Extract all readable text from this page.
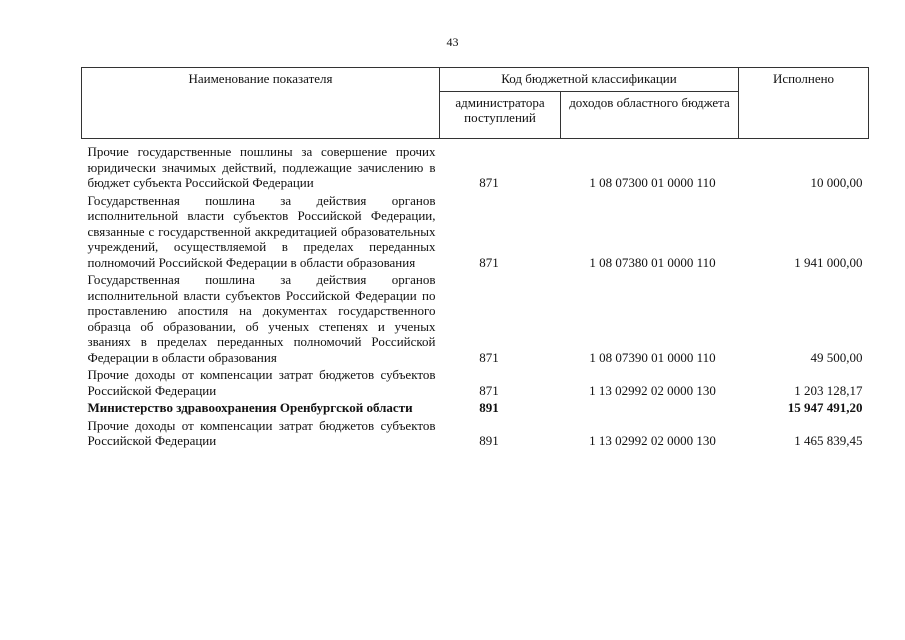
43
Наименование показателя	Код бюджетной классификации		Исполнено
	администратора поступлений	доходов областного бюджета	
Прочие государственные пошлины за совершение прочих юридически значимых действий, подлежащие зачислению в бюджет субъекта Российской Федерации	871	1 08 07300 01 0000 110	10 000,00
Государственная пошлина за действия органов исполнительной власти субъектов Российской Федерации, связанные с государственной аккредитацией образовательных учреждений, осуществляемой в пределах переданных полномочий Российской Федерации в области образования	871	1 08 07380 01 0000 110	1 941 000,00
Государственная пошлина за действия органов исполнительной власти субъектов Российской Федерации по проставлению апостиля на документах государственного образца об образовании, об ученых степенях и ученых званиях в пределах переданных полномочий Российской Федерации в области образования	871	1 08 07390 01 0000 110	49 500,00
Прочие доходы от компенсации затрат бюджетов субъектов Российской Федерации	871	1 13 02992 02 0000 130	1 203 128,17
Министерство здравоохранения Оренбургской области	891		15 947 491,20
Прочие доходы от компенсации затрат бюджетов субъектов Российской Федерации	891	1 13 02992 02 0000 130	1 465 839,45
